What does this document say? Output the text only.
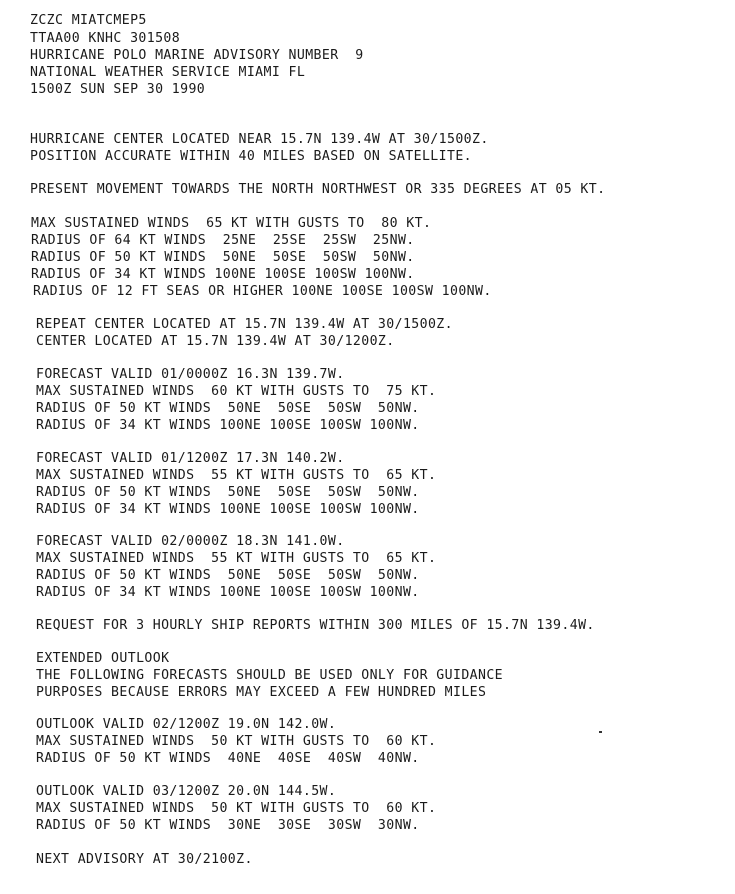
ZCZC MIATCMEP5

TTAA00 KNHC 301508

HURRICANE POLO MARINE ADVISORY NUMBER  9

NATIONAL WEATHER SERVICE MIAMI FL

1500Z SUN SEP 30 1990

HURRICANE CENTER LOCATED NEAR 15.7N 139.4W AT 30/1500Z.

POSITION ACCURATE WITHIN 40 MILES BASED ON SATELLITE.

PRESENT MOVEMENT TOWARDS THE NORTH NORTHWEST OR 335 DEGREES AT 05 KT.

MAX SUSTAINED WINDS  65 KT WITH GUSTS TO  80 KT.

RADIUS OF 64 KT WINDS  25NE  25SE  25SW  25NW.

RADIUS OF 50 KT WINDS  50NE  50SE  50SW  50NW.

RADIUS OF 34 KT WINDS 100NE 100SE 100SW 100NW.

RADIUS OF 12 FT SEAS OR HIGHER 100NE 100SE 100SW 100NW.

REPEAT CENTER LOCATED AT 15.7N 139.4W AT 30/1500Z.

CENTER LOCATED AT 15.7N 139.4W AT 30/1200Z.

FORECAST VALID 01/0000Z 16.3N 139.7W.

MAX SUSTAINED WINDS  60 KT WITH GUSTS TO  75 KT.

RADIUS OF 50 KT WINDS  50NE  50SE  50SW  50NW.

RADIUS OF 34 KT WINDS 100NE 100SE 100SW 100NW.

FORECAST VALID 01/1200Z 17.3N 140.2W.

MAX SUSTAINED WINDS  55 KT WITH GUSTS TO  65 KT.

RADIUS OF 50 KT WINDS  50NE  50SE  50SW  50NW.

RADIUS OF 34 KT WINDS 100NE 100SE 100SW 100NW.

FORECAST VALID 02/0000Z 18.3N 141.0W.

MAX SUSTAINED WINDS  55 KT WITH GUSTS TO  65 KT.

RADIUS OF 50 KT WINDS  50NE  50SE  50SW  50NW.

RADIUS OF 34 KT WINDS 100NE 100SE 100SW 100NW.

REQUEST FOR 3 HOURLY SHIP REPORTS WITHIN 300 MILES OF 15.7N 139.4W.

EXTENDED OUTLOOK

THE FOLLOWING FORECASTS SHOULD BE USED ONLY FOR GUIDANCE

PURPOSES BECAUSE ERRORS MAY EXCEED A FEW HUNDRED MILES

OUTLOOK VALID 02/1200Z 19.0N 142.0W.

MAX SUSTAINED WINDS  50 KT WITH GUSTS TO  60 KT.

RADIUS OF 50 KT WINDS  40NE  40SE  40SW  40NW.

OUTLOOK VALID 03/1200Z 20.0N 144.5W.

MAX SUSTAINED WINDS  50 KT WITH GUSTS TO  60 KT.

RADIUS OF 50 KT WINDS  30NE  30SE  30SW  30NW.

NEXT ADVISORY AT 30/2100Z.
